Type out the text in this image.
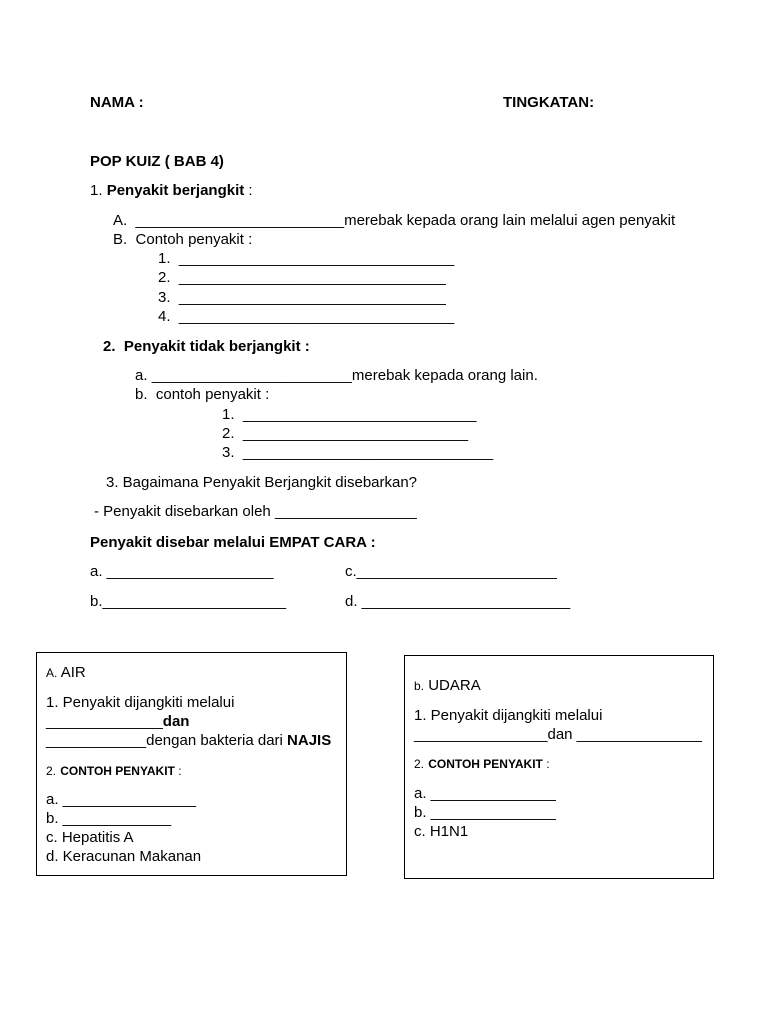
NAMA :	TINGKATAN:
POP KUIZ ( BAB 4)
1. Penyakit berjangkit :
A. _________________________merebak kepada orang lain melalui agen penyakit
B. Contoh penyakit :
1. _________________________________
2. ________________________________
3. ________________________________
4. _________________________________
2.  Penyakit tidak berjangkit :
a. ________________________merebak kepada orang lain.
b. contoh penyakit :
1. ____________________________
2. ___________________________
3. ______________________________
3. Bagaimana Penyakit Berjangkit disebarkan?
- Penyakit disebarkan oleh _________________
Penyakit disebar melalui EMPAT CARA :
a. ____________________	c.________________________
b.______________________	d. _________________________
A. AIR
1. Penyakit dijangkiti melalui
______________dan
____________dengan bakteria dari NAJIS
2. CONTOH PENYAKIT :
a. ________________
b. _____________
c. Hepatitis A
d. Keracunan Makanan
b. UDARA
1. Penyakit dijangkiti melalui
________________dan _______________
2. CONTOH PENYAKIT :
a. _______________
b. _______________
c. H1N1
